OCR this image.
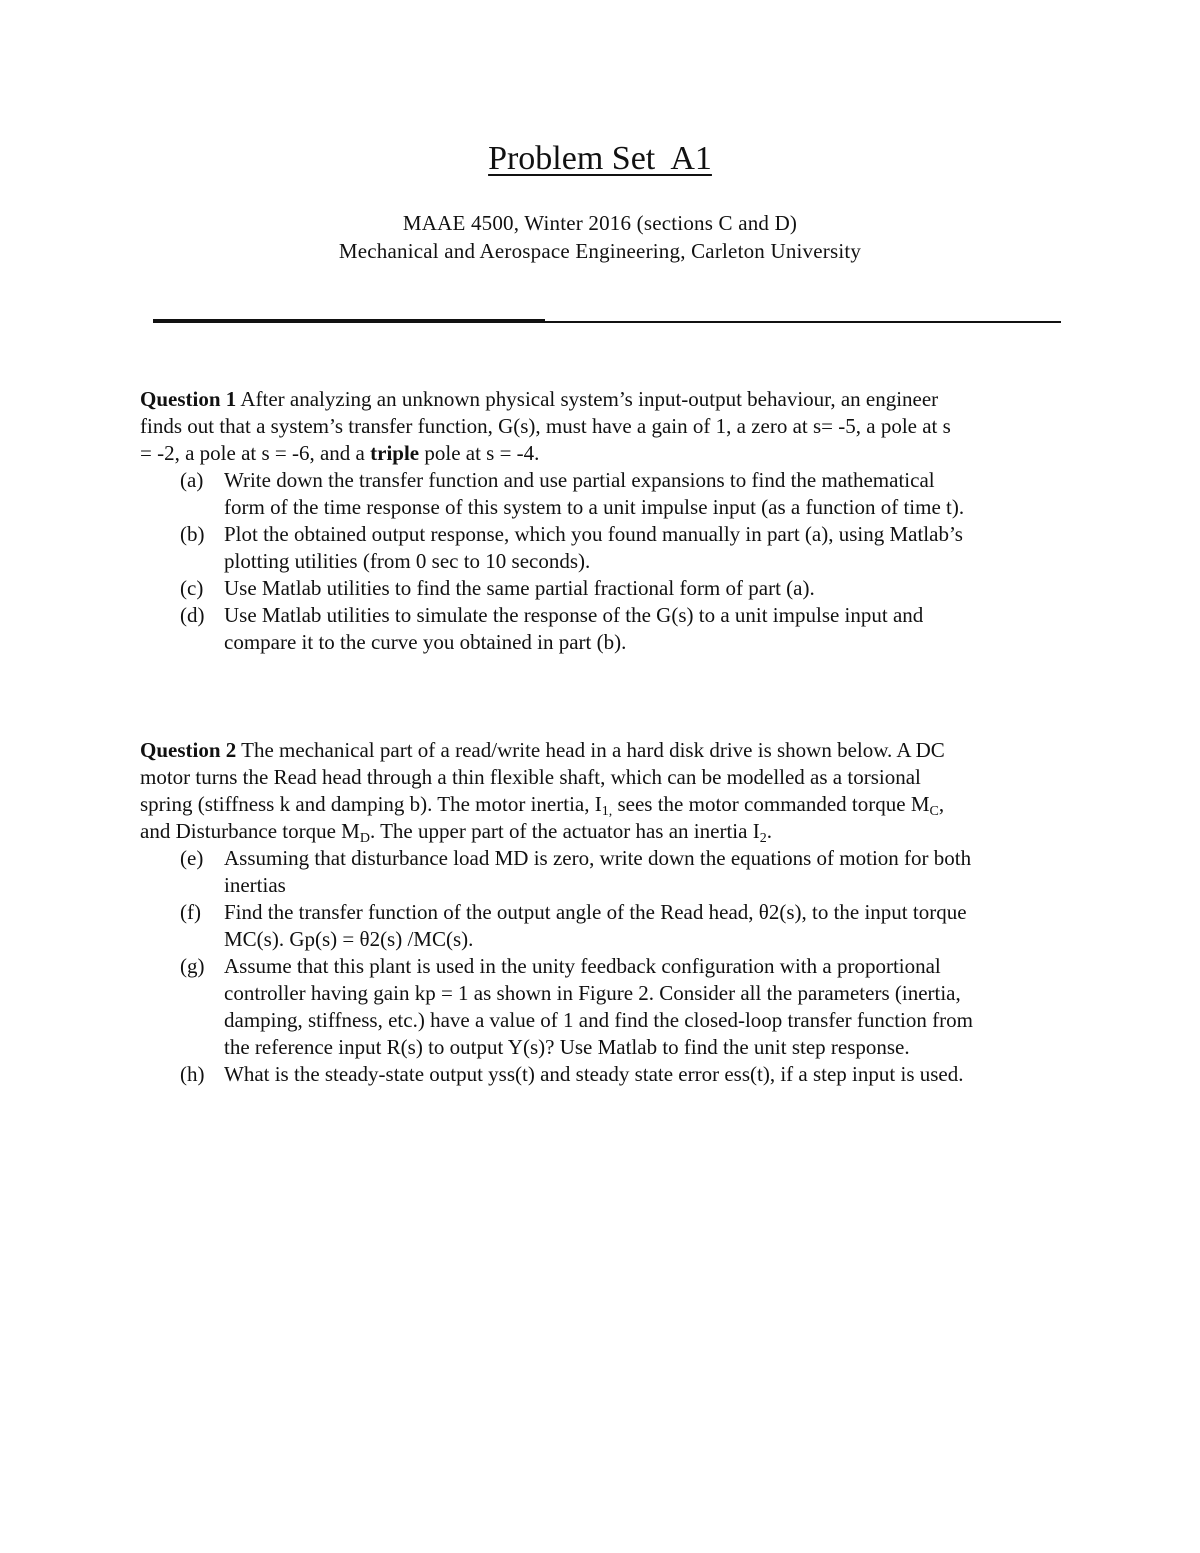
Problem Set  A1
MAAE 4500, Winter 2016 (sections C and D)
Mechanical and Aerospace Engineering, Carleton University
Question 1 After analyzing an unknown physical system’s input-output behaviour, an engineer
finds out that a system’s transfer function, G(s), must have a gain of 1, a zero at s= -5, a pole at s
= -2, a pole at s = -6, and a triple pole at s = -4.
(a) Write down the transfer function and use partial expansions to find the mathematical
form of the time response of this system to a unit impulse input (as a function of time t).
(b) Plot the obtained output response, which you found manually in part (a), using Matlab’s
plotting utilities (from 0 sec to 10 seconds).
(c) Use Matlab utilities to find the same partial fractional form of part (a).
(d) Use Matlab utilities to simulate the response of the G(s) to a unit impulse input and
compare it to the curve you obtained in part (b).
Question 2 The mechanical part of a read/write head in a hard disk drive is shown below. A DC
motor turns the Read head through a thin flexible shaft, which can be modelled as a torsional
spring (stiffness k and damping b). The motor inertia, $I_{1,}$ sees the motor commanded torque $M_C$,
and Disturbance torque $M_D$. The upper part of the actuator has an inertia $I_2$.
(e) Assuming that disturbance load MD is zero, write down the equations of motion for both
inertias
(f) Find the transfer function of the output angle of the Read head, θ2(s), to the input torque
MC(s). Gp(s) = θ2(s) /MC(s).
(g) Assume that this plant is used in the unity feedback configuration with a proportional
controller having gain kp = 1 as shown in Figure 2. Consider all the parameters (inertia,
damping, stiffness, etc.) have a value of 1 and find the closed-loop transfer function from
the reference input R(s) to output Y(s)? Use Matlab to find the unit step response.
(h) What is the steady-state output yss(t) and steady state error ess(t), if a step input is used.
